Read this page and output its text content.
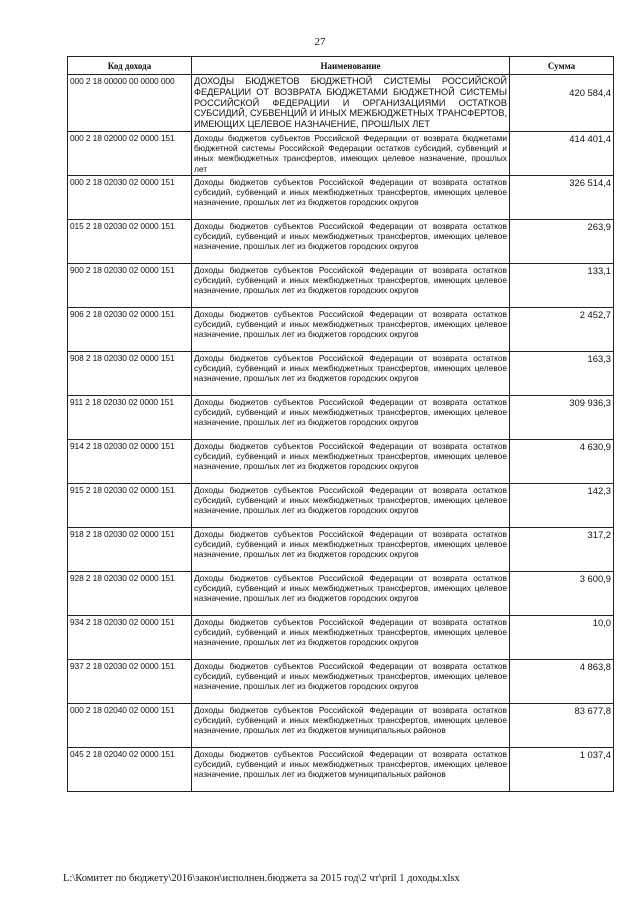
27
Код дохода	Наименование	Сумма
000 2 18 00000 00 0000 000	ДОХОДЫ БЮДЖЕТОВ БЮДЖЕТНОЙ СИСТЕМЫ РОССИЙСКОЙ ФЕДЕРАЦИИ ОТ ВОЗВРАТА БЮДЖЕТАМИ БЮДЖЕТНОЙ СИСТЕМЫ РОССИЙСКОЙ ФЕДЕРАЦИИ И ОРГАНИЗАЦИЯМИ ОСТАТКОВ СУБСИДИЙ, СУБВЕНЦИЙ И ИНЫХ МЕЖБЮДЖЕТНЫХ ТРАНСФЕРТОВ, ИМЕЮЩИХ ЦЕЛЕВОЕ НАЗНАЧЕНИЕ, ПРОШЛЫХ ЛЕТ	420 584,4
000 2 18 02000 02 0000 151	Доходы бюджетов субъектов Российской Федерации от возврата бюджетами бюджетной системы Российской Федерации остатков субсидий, субвенций и иных межбюджетных трансфертов, имеющих целевое назначение, прошлых лет	414 401,4
000 2 18 02030 02 0000 151	Доходы бюджетов субъектов Российской Федерации от возврата остатков субсидий, субвенций и иных межбюджетных трансфертов, имеющих целевое назначение, прошлых лет из бюджетов городских округов	326 514,4
015 2 18 02030 02 0000 151	Доходы бюджетов субъектов Российской Федерации от возврата остатков субсидий, субвенций и иных межбюджетных трансфертов, имеющих целевое назначение, прошлых лет из бюджетов городских округов	263,9
900 2 18 02030 02 0000 151	Доходы бюджетов субъектов Российской Федерации от возврата остатков субсидий, субвенций и иных межбюджетных трансфертов, имеющих целевое назначение, прошлых лет из бюджетов городских округов	133,1
906 2 18 02030 02 0000 151	Доходы бюджетов субъектов Российской Федерации от возврата остатков субсидий, субвенций и иных межбюджетных трансфертов, имеющих целевое назначение, прошлых лет из бюджетов городских округов	2 452,7
908 2 18 02030 02 0000 151	Доходы бюджетов субъектов Российской Федерации от возврата остатков субсидий, субвенций и иных межбюджетных трансфертов, имеющих целевое назначение, прошлых лет из бюджетов городских округов	163,3
911 2 18 02030 02 0000 151	Доходы бюджетов субъектов Российской Федерации от возврата остатков субсидий, субвенций и иных межбюджетных трансфертов, имеющих целевое назначение, прошлых лет из бюджетов городских округов	309 936,3
914 2 18 02030 02 0000 151	Доходы бюджетов субъектов Российской Федерации от возврата остатков субсидий, субвенций и иных межбюджетных трансфертов, имеющих целевое назначение, прошлых лет из бюджетов городских округов	4 630,9
915 2 18 02030 02 0000 151	Доходы бюджетов субъектов Российской Федерации от возврата остатков субсидий, субвенций и иных межбюджетных трансфертов, имеющих целевое назначение, прошлых лет из бюджетов городских округов	142,3
918 2 18 02030 02 0000 151	Доходы бюджетов субъектов Российской Федерации от возврата остатков субсидий, субвенций и иных межбюджетных трансфертов, имеющих целевое назначение, прошлых лет из бюджетов городских округов	317,2
928 2 18 02030 02 0000 151	Доходы бюджетов субъектов Российской Федерации от возврата остатков субсидий, субвенций и иных межбюджетных трансфертов, имеющих целевое назначение, прошлых лет из бюджетов городских округов	3 600,9
934 2 18 02030 02 0000 151	Доходы бюджетов субъектов Российской Федерации от возврата остатков субсидий, субвенций и иных межбюджетных трансфертов, имеющих целевое назначение, прошлых лет из бюджетов городских округов	10,0
937 2 18 02030 02 0000 151	Доходы бюджетов субъектов Российской Федерации от возврата остатков субсидий, субвенций и иных межбюджетных трансфертов, имеющих целевое назначение, прошлых лет из бюджетов городских округов	4 863,8
000 2 18 02040 02 0000 151	Доходы бюджетов субъектов Российской Федерации от возврата остатков субсидий, субвенций и иных межбюджетных трансфертов, имеющих целевое назначение, прошлых лет из бюджетов муниципальных районов	83 677,8
045 2 18 02040 02 0000 151	Доходы бюджетов субъектов Российской Федерации от возврата остатков субсидий, субвенций и иных межбюджетных трансфертов, имеющих целевое назначение, прошлых лет из бюджетов муниципальных районов	1 037,4
L:\Комитет по бюджету\2016\закон\исполнен.бюджета за 2015 год\2 чт\pril 1 доходы.xlsx
